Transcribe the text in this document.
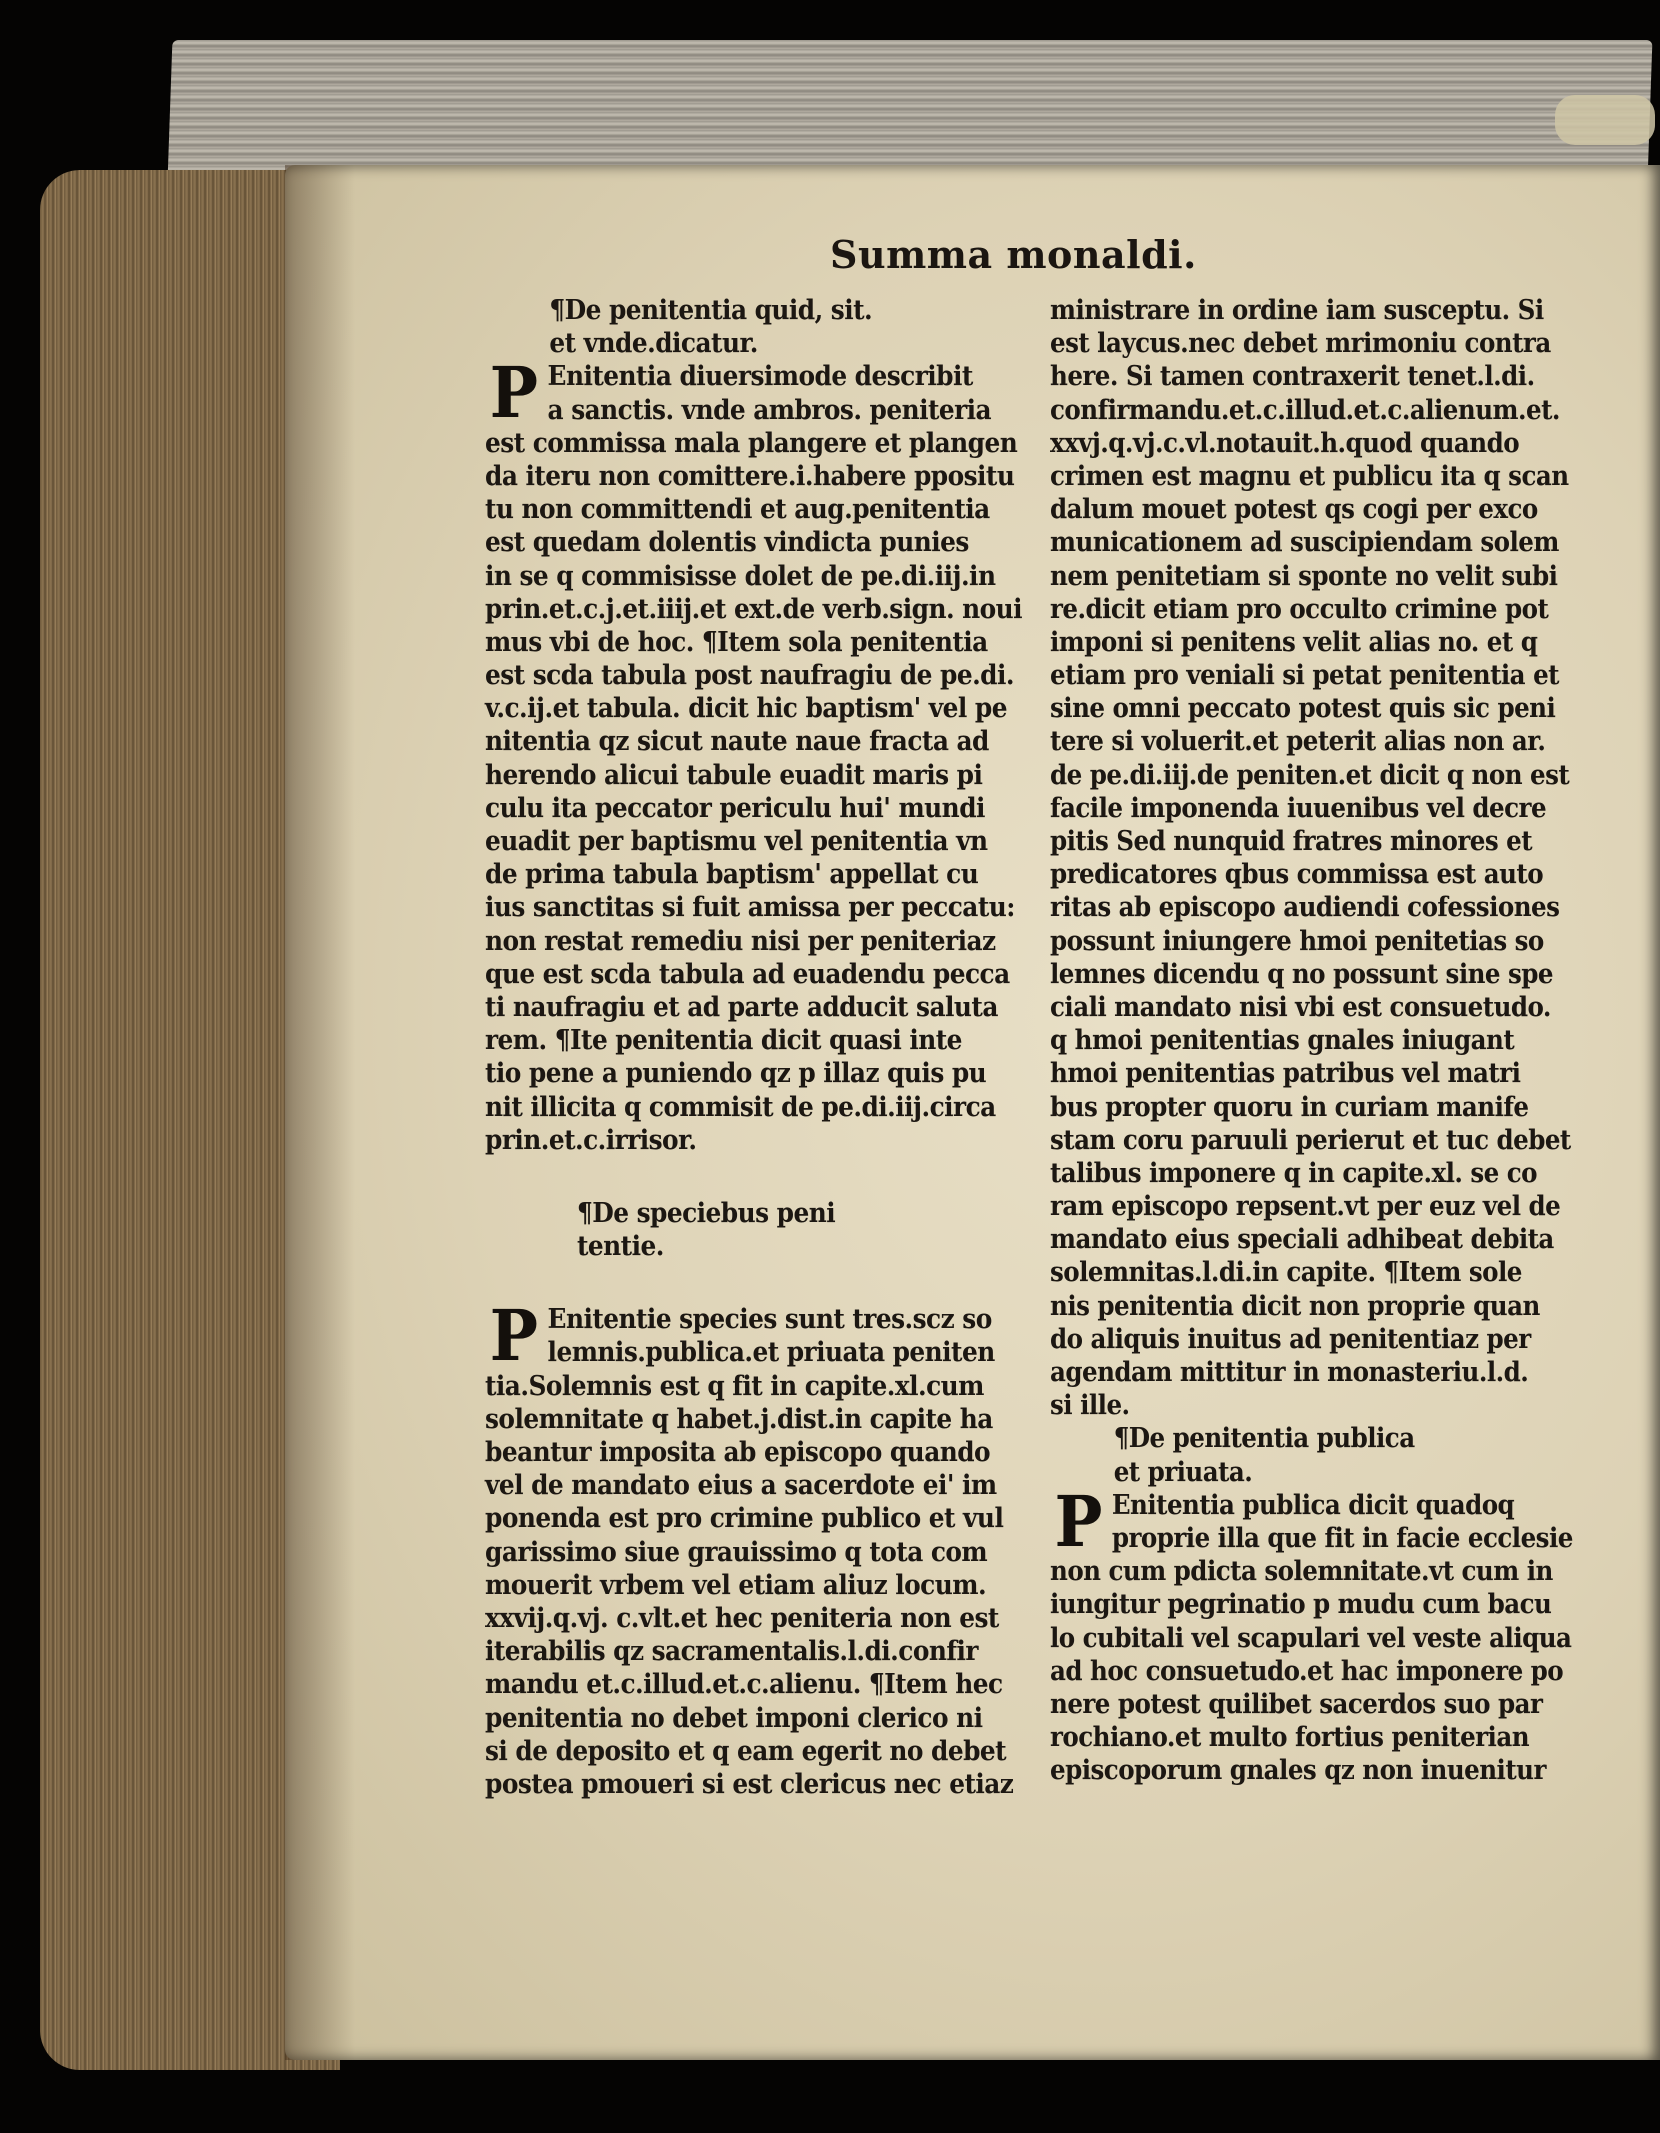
Summa monaldi.
¶De penitentia quid, sit.
et vnde.dicatur.
P Enitentia diuersimode describit
a sanctis. vnde ambros. peniteria
est commissa mala plangere et plangen
da iteru non comittere.i.habere ppositu
tu non committendi et aug.penitentia
est quedam dolentis vindicta punies
in se q commisisse dolet de pe.di.iij.in
prin.et.c.j.et.iiij.et ext.de verb.sign. noui
mus vbi de hoc. ¶Item sola penitentia
est scda tabula post naufragiu de pe.di.
v.c.ij.et tabula. dicit hic baptism' vel pe
nitentia qz sicut naute naue fracta ad
herendo alicui tabule euadit maris pi
culu ita peccator periculu hui' mundi
euadit per baptismu vel penitentia vn
de prima tabula baptism' appellat cu
ius sanctitas si fuit amissa per peccatu:
non restat remediu nisi per peniteriaz
que est scda tabula ad euadendu pecca
ti naufragiu et ad parte adducit saluta
rem. ¶Ite penitentia dicit quasi inte
tio pene a puniendo qz p illaz quis pu
nit illicita q commisit de pe.di.iij.circa
prin.et.c.irrisor.
¶De speciebus peni
tentie.
P Enitentie species sunt tres.scz so
lemnis.publica.et priuata peniten
tia.Solemnis est q fit in capite.xl.cum
solemnitate q habet.j.dist.in capite ha
beantur imposita ab episcopo quando
vel de mandato eius a sacerdote ei' im
ponenda est pro crimine publico et vul
garissimo siue grauissimo q tota com
mouerit vrbem vel etiam aliuz locum.
xxvij.q.vj. c.vlt.et hec peniteria non est
iterabilis qz sacramentalis.l.di.confir
mandu et.c.illud.et.c.alienu. ¶Item hec
penitentia no debet imponi clerico ni
si de deposito et q eam egerit no debet
postea pmoueri si est clericus nec etiaz
ministrare in ordine iam susceptu. Si
est laycus.nec debet mrimoniu contra
here. Si tamen contraxerit tenet.l.di.
confirmandu.et.c.illud.et.c.alienum.et.
xxvj.q.vj.c.vl.notauit.h.quod quando
crimen est magnu et publicu ita q scan
dalum mouet potest qs cogi per exco
municationem ad suscipiendam solem
nem penitetiam si sponte no velit subi
re.dicit etiam pro occulto crimine pot
imponi si penitens velit alias no. et q
etiam pro veniali si petat penitentia et
sine omni peccato potest quis sic peni
tere si voluerit.et peterit alias non ar.
de pe.di.iij.de peniten.et dicit q non est
facile imponenda iuuenibus vel decre
pitis Sed nunquid fratres minores et
predicatores qbus commissa est auto
ritas ab episcopo audiendi cofessiones
possunt iniungere hmoi penitetias so
lemnes dicendu q no possunt sine spe
ciali mandato nisi vbi est consuetudo.
q hmoi penitentias gnales iniugant
hmoi penitentias patribus vel matri
bus propter quoru in curiam manife
stam coru paruuli perierut et tuc debet
talibus imponere q in capite.xl. se co
ram episcopo repsent.vt per euz vel de
mandato eius speciali adhibeat debita
solemnitas.l.di.in capite. ¶Item sole
nis penitentia dicit non proprie quan
do aliquis inuitus ad penitentiaz per
agendam mittitur in monasteriu.l.d.
si ille.
¶De penitentia publica
et priuata.
P Enitentia publica dicit quadoq
proprie illa que fit in facie ecclesie
non cum pdicta solemnitate.vt cum in
iungitur pegrinatio p mudu cum bacu
lo cubitali vel scapulari vel veste aliqua
ad hoc consuetudo.et hac imponere po
nere potest quilibet sacerdos suo par
rochiano.et multo fortius peniterian
episcoporum gnales qz non inuenitur
